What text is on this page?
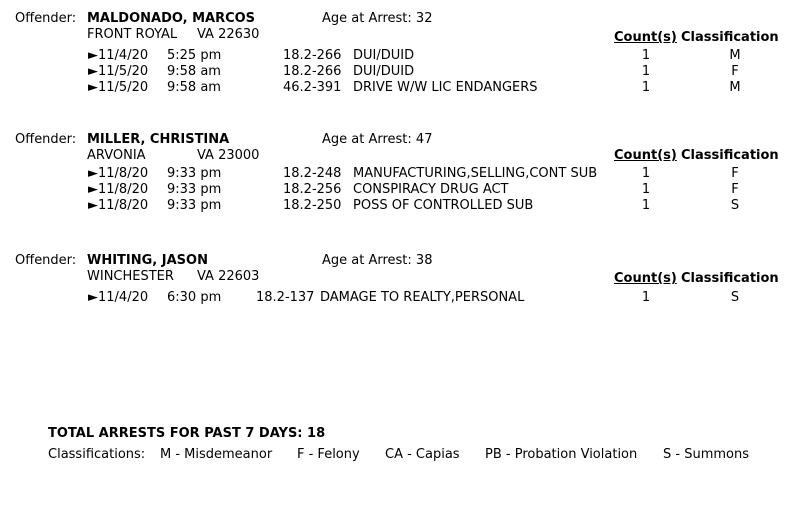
Offender: MALDONADO, MARCOS	Age at Arrest: 32
FRONT ROYAL VA 22630	Count(s) Classification
►11/4/20 5:25 pm	18.2-266 DUI/DUID	1	M
►11/5/20 9:58 am	18.2-266 DUI/DUID	1	F
►11/5/20 9:58 am	46.2-391 DRIVE W/W LIC ENDANGERS	1	M
Offender: MILLER, CHRISTINA	Age at Arrest: 47
ARVONIA	VA 23000	Count(s) Classification
►11/8/20 9:33 pm	18.2-248 MANUFACTURING,SELLING,CONT SUB	1	F
►11/8/20 9:33 pm	18.2-256 CONSPIRACY DRUG ACT	1	F
►11/8/20 9:33 pm	18.2-250 POSS OF CONTROLLED SUB	1	S
Offender: WHITING, JASON	Age at Arrest: 38
WINCHESTER VA 22603	Count(s) Classification
►11/4/20 6:30 pm	18.2-137 DAMAGE TO REALTY,PERSONAL	1	S
TOTAL ARRESTS FOR PAST 7 DAYS: 18
Classifications: M - Misdemeanor F - Felony CA - Capias PB - Probation Violation S - Summons
